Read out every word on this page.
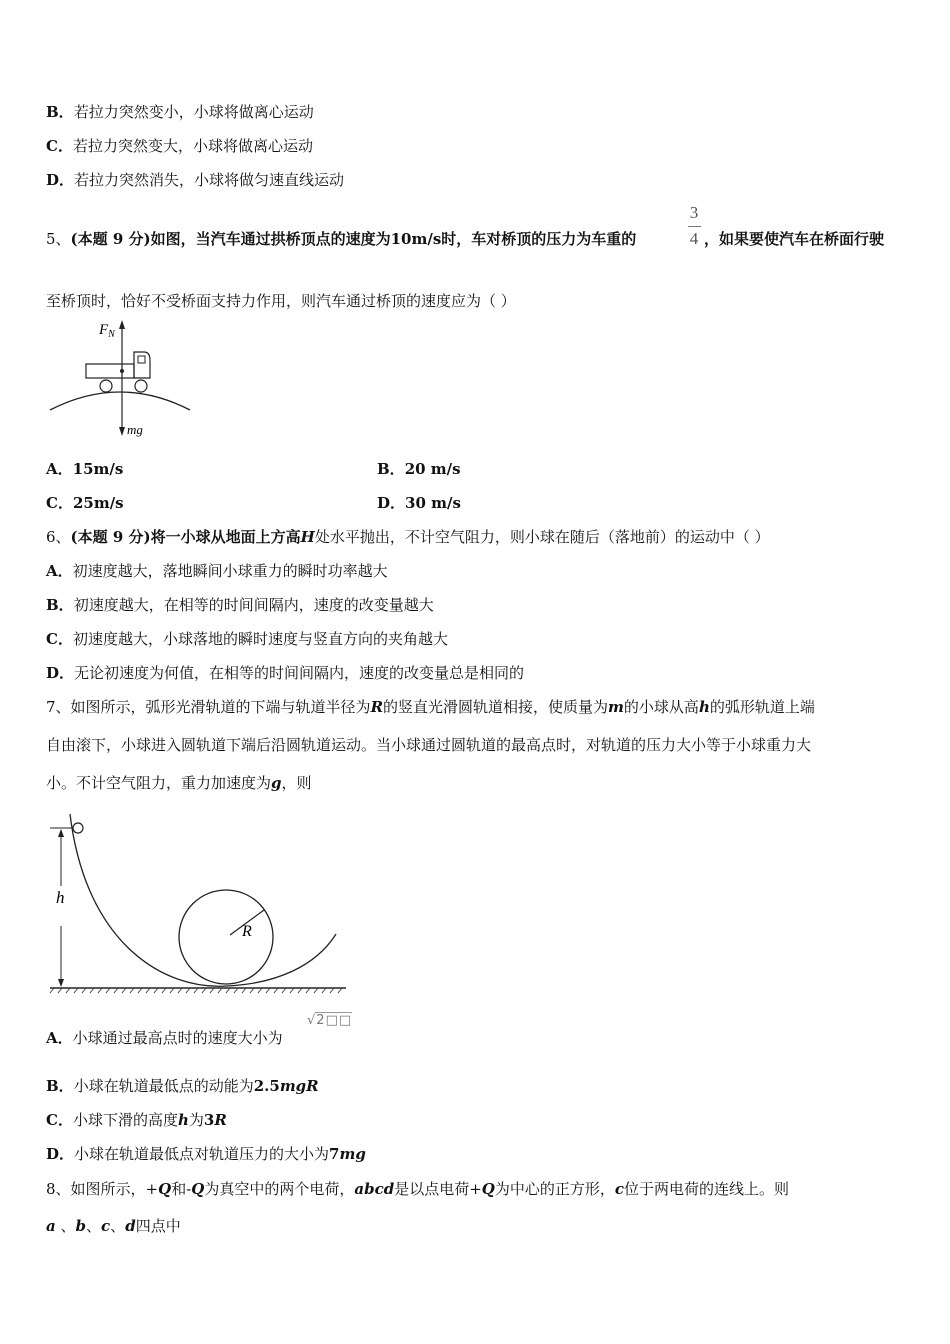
B．若拉力突然变小，小球将做离心运动
C．若拉力突然变大，小球将做离心运动
D．若拉力突然消失，小球将做匀速直线运动
5、(本题 9 分)如图，当汽车通过拱桥顶点的速度为10m/s时，车对桥顶的压力为车重的
3
4 ，如果要使汽车在桥面行驶
至桥顶时，恰好不受桥面支持力作用，则汽车通过桥顶的速度应为（ ）
$F_N$
mg
A．15m/s	B．20 m/s
C．25m/s	D．30 m/s
6、(本题 9 分)将一小球从地面上方高H处水平抛出，不计空气阻力，则小球在随后（落地前）的运动中（ ）
A．初速度越大，落地瞬间小球重力的瞬时功率越大
B．初速度越大，在相等的时间间隔内，速度的改变量越大
C．初速度越大，小球落地的瞬时速度与竖直方向的夹角越大
D．无论初速度为何值，在相等的时间间隔内，速度的改变量总是相同的
7、如图所示，弧形光滑轨道的下端与轨道半径为R的竖直光滑圆轨道相接，使质量为m的小球从高h的弧形轨道上端
自由滚下，小球进入圆轨道下端后沿圆轨道运动。当小球通过圆轨道的最高点时，对轨道的压力大小等于小球重力大
小。不计空气阻力，重力加速度为g，则
h
R
A．小球通过最高点时的速度大小为
√2□□
B．小球在轨道最低点的动能为2.5mgR
C．小球下滑的高度h为3R
D．小球在轨道最低点对轨道压力的大小为7mg
8、如图所示，+Q和-Q为真空中的两个电荷，abcd是以点电荷+Q为中心的正方形，c位于两电荷的连线上。则
a 、b、c、d四点中
